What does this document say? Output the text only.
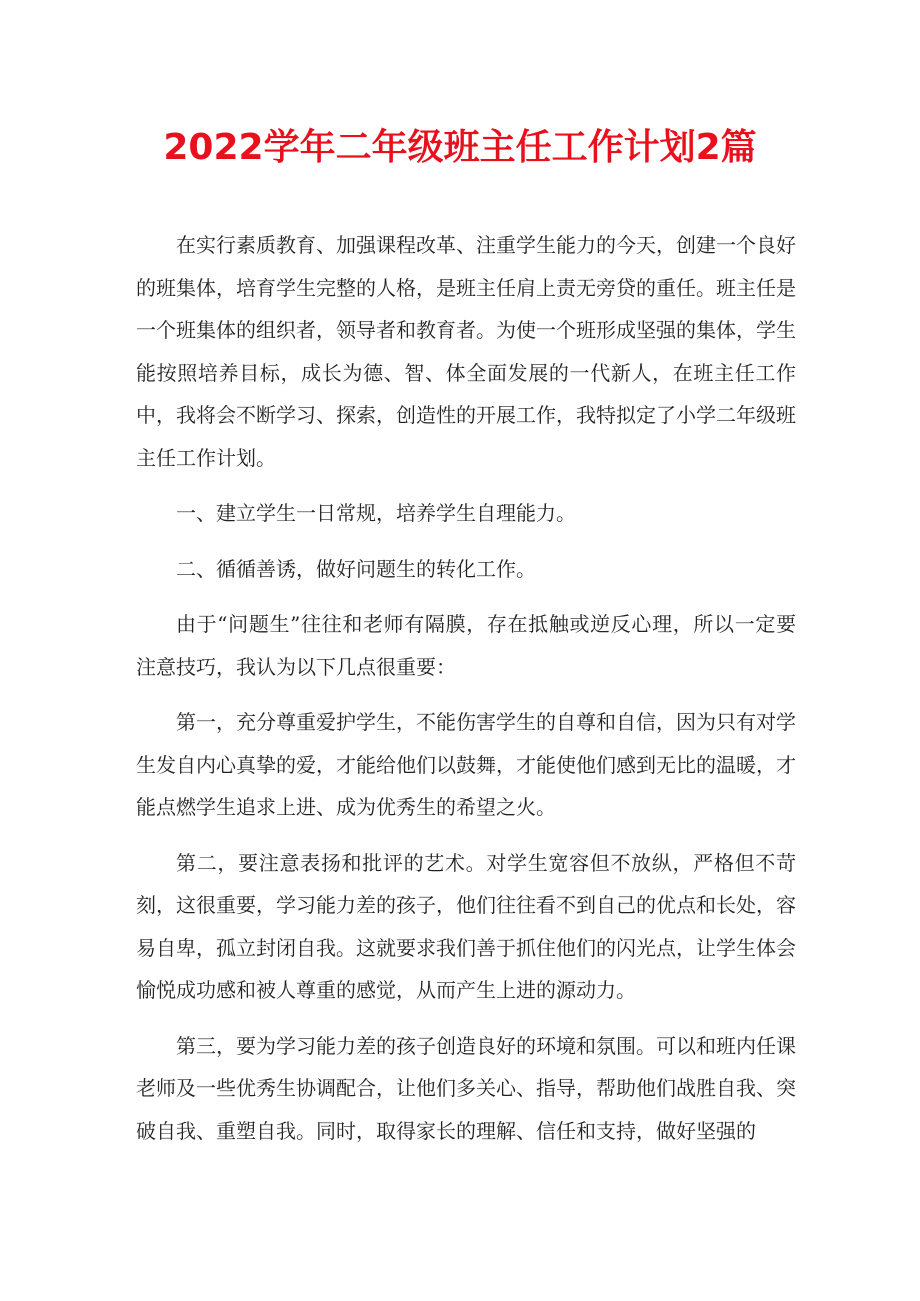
2022学年二年级班主任工作计划2篇

在实行素质教育、加强课程改革、注重学生能力的今天，创建一个良好的班集体，培育学生完整的人格，是班主任肩上责无旁贷的重任。班主任是一个班集体的组织者，领导者和教育者。为使一个班形成坚强的集体，学生能按照培养目标，成长为德、智、体全面发展的一代新人，在班主任工作中，我将会不断学习、探索，创造性的开展工作，我特拟定了小学二年级班主任工作计划。

一、建立学生一日常规，培养学生自理能力。

二、循循善诱，做好问题生的转化工作。

由于“问题生”往往和老师有隔膜，存在抵触或逆反心理，所以一定要注意技巧，我认为以下几点很重要：

第一，充分尊重爱护学生，不能伤害学生的自尊和自信，因为只有对学生发自内心真挚的爱，才能给他们以鼓舞，才能使他们感到无比的温暖，才能点燃学生追求上进、成为优秀生的希望之火。

第二，要注意表扬和批评的艺术。对学生宽容但不放纵，严格但不苛刻，这很重要，学习能力差的孩子，他们往往看不到自己的优点和长处，容易自卑，孤立封闭自我。这就要求我们善于抓住他们的闪光点，让学生体会愉悦成功感和被人尊重的感觉，从而产生上进的源动力。

第三，要为学习能力差的孩子创造良好的环境和氛围。可以和班内任课老师及一些优秀生协调配合，让他们多关心、指导，帮助他们战胜自我、突破自我、重塑自我。同时，取得家长的理解、信任和支持，做好坚强的
